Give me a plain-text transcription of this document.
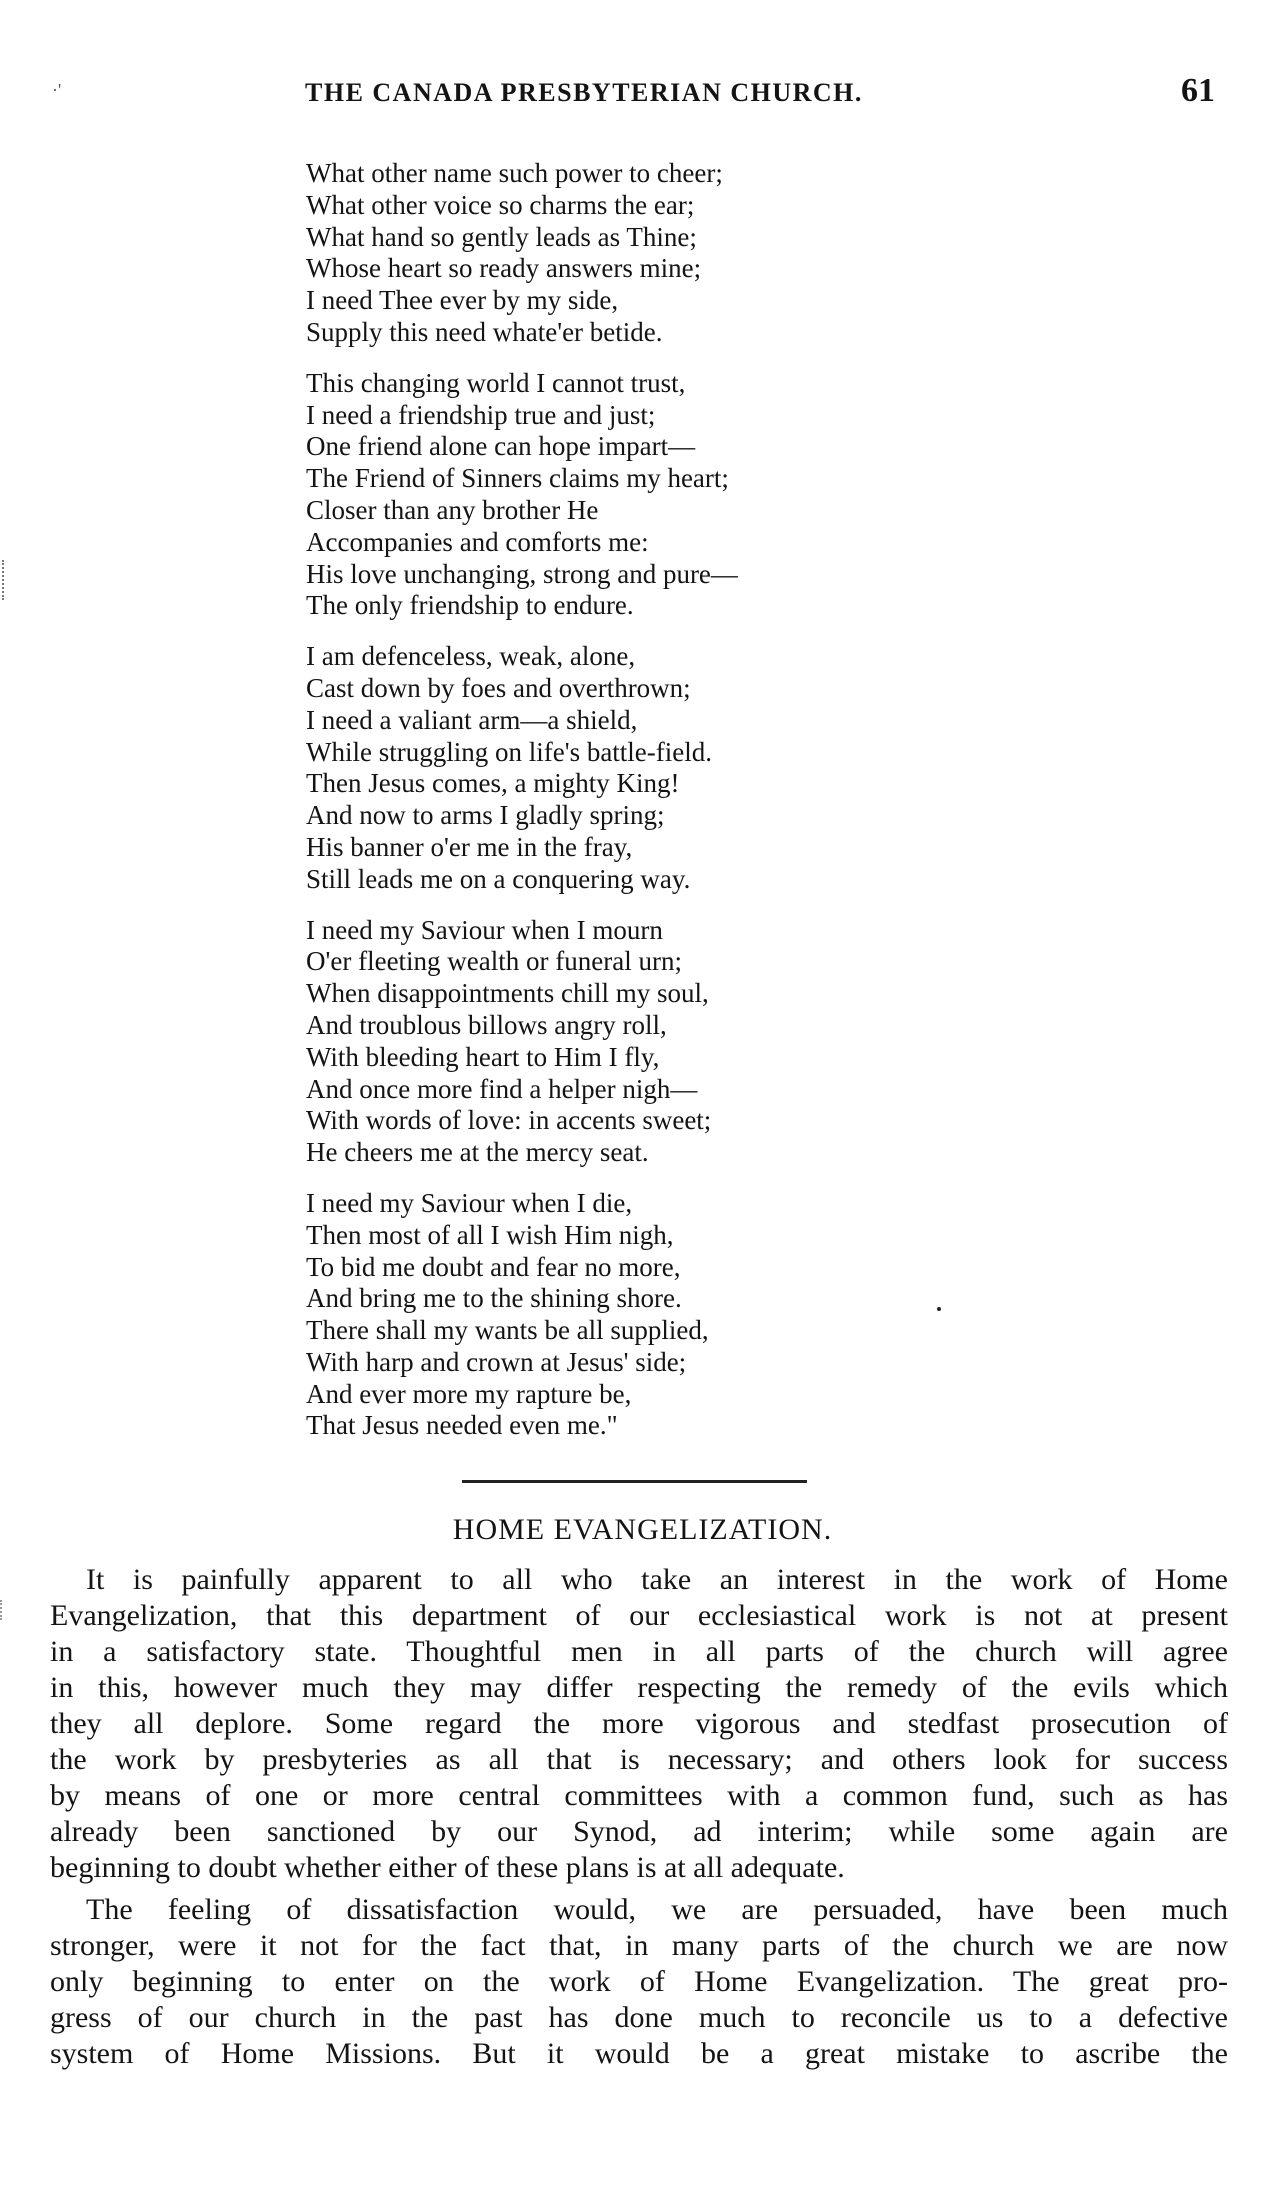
·'	THE CANADA PRESBYTERIAN CHURCH.	61
What other name such power to cheer;
What other voice so charms the ear;
What hand so gently leads as Thine;
Whose heart so ready answers mine;
I need Thee ever by my side,
Supply this need whate'er betide.
This changing world I cannot trust,
I need a friendship true and just;
One friend alone can hope impart—
The Friend of Sinners claims my heart;
Closer than any brother He
Accompanies and comforts me:
His love unchanging, strong and pure—
The only friendship to endure.
I am defenceless, weak, alone,
Cast down by foes and overthrown;
I need a valiant arm—a shield,
While struggling on life's battle-field.
Then Jesus comes, a mighty King!
And now to arms I gladly spring;
His banner o'er me in the fray,
Still leads me on a conquering way.
I need my Saviour when I mourn
O'er fleeting wealth or funeral urn;
When disappointments chill my soul,
And troublous billows angry roll,
With bleeding heart to Him I fly,
And once more find a helper nigh—
With words of love: in accents sweet;
He cheers me at the mercy seat.
I need my Saviour when I die,
Then most of all I wish Him nigh,
To bid me doubt and fear no more,
And bring me to the shining shore.
There shall my wants be all supplied,
With harp and crown at Jesus' side;
And ever more my rapture be,
That Jesus needed even me."
HOME EVANGELIZATION.

It is painfully apparent to all who take an interest in the work of Home
Evangelization, that this department of our ecclesiastical work is not at present
in a satisfactory state. Thoughtful men in all parts of the church will agree
in this, however much they may differ respecting the remedy of the evils which
they all deplore. Some regard the more vigorous and stedfast prosecution of
the work by presbyteries as all that is necessary; and others look for success
by means of one or more central committees with a common fund, such as has
already been sanctioned by our Synod, ad interim; while some again are
beginning to doubt whether either of these plans is at all adequate.

The feeling of dissatisfaction would, we are persuaded, have been much
stronger, were it not for the fact that, in many parts of the church we are now
only beginning to enter on the work of Home Evangelization. The great pro-
gress of our church in the past has done much to reconcile us to a defective
system of Home Missions. But it would be a great mistake to ascribe the
